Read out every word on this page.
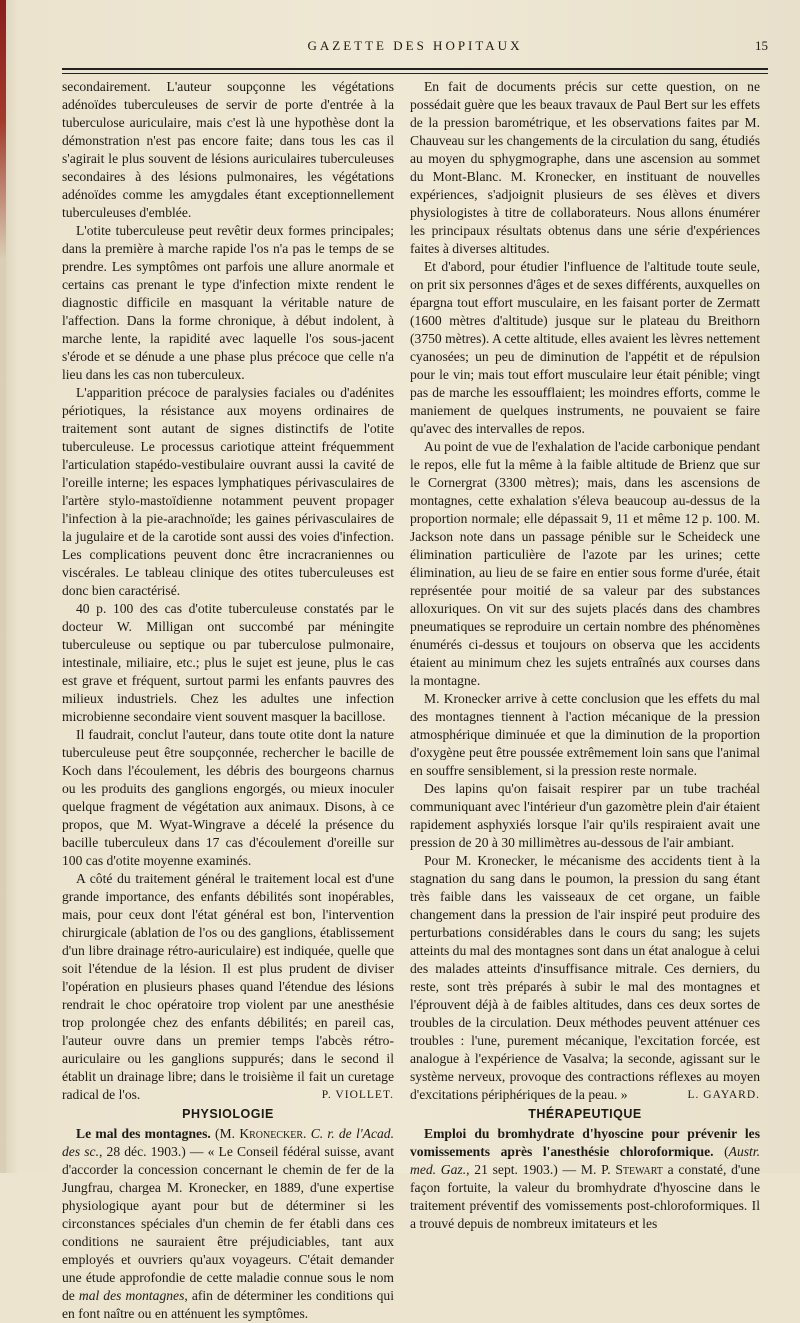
GAZETTE DES HOPITAUX	15

secondairement. L'auteur soupçonne les végétations adénoïdes tuberculeuses de servir de porte d'entrée à la tuberculose auriculaire, mais c'est là une hypothèse dont la démonstration n'est pas encore faite; dans tous les cas il s'agirait le plus souvent de lésions auriculaires tuberculeuses secondaires à des lésions pulmonaires, les végétations adénoïdes comme les amygdales étant exceptionnellement tuberculeuses d'emblée.

L'otite tuberculeuse peut revêtir deux formes principales; dans la première à marche rapide l'os n'a pas le temps de se prendre. Les symptômes ont parfois une allure anormale et certains cas prenant le type d'infection mixte rendent le diagnostic difficile en masquant la véritable nature de l'affection. Dans la forme chronique, à début indolent, à marche lente, la rapidité avec laquelle l'os sous-jacent s'érode et se dénude a une phase plus précoce que celle n'a lieu dans les cas non tuberculeux.

L'apparition précoce de paralysies faciales ou d'adénites périotiques, la résistance aux moyens ordinaires de traitement sont autant de signes distinctifs de l'otite tuberculeuse. Le processus cariotique atteint fréquemment l'articulation stapédo-vestibulaire ouvrant aussi la cavité de l'oreille interne; les espaces lymphatiques périvasculaires de l'artère stylo-mastoïdienne notamment peuvent propager l'infection à la pie-arachnoïde; les gaines périvasculaires de la jugulaire et de la carotide sont aussi des voies d'infection. Les complications peuvent donc être incracraniennes ou viscérales. Le tableau clinique des otites tuberculeuses est donc bien caractérisé.

40 p. 100 des cas d'otite tuberculeuse constatés par le docteur W. Milligan ont succombé par méningite tuberculeuse ou septique ou par tuberculose pulmonaire, intestinale, miliaire, etc.; plus le sujet est jeune, plus le cas est grave et fréquent, surtout parmi les enfants pauvres des milieux industriels. Chez les adultes une infection microbienne secondaire vient souvent masquer la bacillose.

Il faudrait, conclut l'auteur, dans toute otite dont la nature tuberculeuse peut être soupçonnée, rechercher le bacille de Koch dans l'écoulement, les débris des bourgeons charnus ou les produits des ganglions engorgés, ou mieux inoculer quelque fragment de végétation aux animaux. Disons, à ce propos, que M. Wyat-Wingrave a décelé la présence du bacille tuberculeux dans 17 cas d'écoulement d'oreille sur 100 cas d'otite moyenne examinés.

A côté du traitement général le traitement local est d'une grande importance, des enfants débilités sont inopérables, mais, pour ceux dont l'état général est bon, l'intervention chirurgicale (ablation de l'os ou des ganglions, établissement d'un libre drainage rétro-auriculaire) est indiquée, quelle que soit l'étendue de la lésion. Il est plus prudent de diviser l'opération en plusieurs phases quand l'étendue des lésions rendrait le choc opératoire trop violent par une anesthésie trop prolongée chez des enfants débilités; en pareil cas, l'auteur ouvre dans un premier temps l'abcès rétro-auriculaire ou les ganglions suppurés; dans le second il établit un drainage libre; dans le troisième il fait un curetage radical de l'os.	P. VIOLLET.

PHYSIOLOGIE

Le mal des montagnes. (M. Kronecker. C. r. de l'Acad. des sc., 28 déc. 1903.) — « Le Conseil fédéral suisse, avant d'accorder la concession concernant le chemin de fer de la Jungfrau, chargea M. Kronecker, en 1889, d'une expertise physiologique ayant pour but de déterminer si les circonstances spéciales d'un chemin de fer établi dans ces conditions ne sauraient être préjudiciables, tant aux employés et ouvriers qu'aux voyageurs. C'était demander une étude approfondie de cette maladie connue sous le nom de mal des montagnes, afin de déterminer les conditions qui en font naître ou en atténuent les symptômes.

En fait de documents précis sur cette question, on ne possédait guère que les beaux travaux de Paul Bert sur les effets de la pression barométrique, et les observations faites par M. Chauveau sur les changements de la circulation du sang, étudiés au moyen du sphygmographe, dans une ascension au sommet du Mont-Blanc. M. Kronecker, en instituant de nouvelles expériences, s'adjoignit plusieurs de ses élèves et divers physiologistes à titre de collaborateurs. Nous allons énumérer les principaux résultats obtenus dans une série d'expériences faites à diverses altitudes.

Et d'abord, pour étudier l'influence de l'altitude toute seule, on prit six personnes d'âges et de sexes différents, auxquelles on épargna tout effort musculaire, en les faisant porter de Zermatt (1600 mètres d'altitude) jusque sur le plateau du Breithorn (3750 mètres). A cette altitude, elles avaient les lèvres nettement cyanosées; un peu de diminution de l'appétit et de répulsion pour le vin; mais tout effort musculaire leur était pénible; vingt pas de marche les essoufflaient; les moindres efforts, comme le maniement de quelques instruments, ne pouvaient se faire qu'avec des intervalles de repos.

Au point de vue de l'exhalation de l'acide carbonique pendant le repos, elle fut la même à la faible altitude de Brienz que sur le Cornergrat (3300 mètres); mais, dans les ascensions de montagnes, cette exhalation s'éleva beaucoup au-dessus de la proportion normale; elle dépassait 9, 11 et même 12 p. 100. M. Jackson note dans un passage pénible sur le Scheideck une élimination particulière de l'azote par les urines; cette élimination, au lieu de se faire en entier sous forme d'urée, était représentée pour moitié de sa valeur par des substances alloxuriques. On vit sur des sujets placés dans des chambres pneumatiques se reproduire un certain nombre des phénomènes énumérés ci-dessus et toujours on observa que les accidents étaient au minimum chez les sujets entraînés aux courses dans la montagne.

M. Kronecker arrive à cette conclusion que les effets du mal des montagnes tiennent à l'action mécanique de la pression atmosphérique diminuée et que la diminution de la proportion d'oxygène peut être poussée extrêmement loin sans que l'animal en souffre sensiblement, si la pression reste normale.

Des lapins qu'on faisait respirer par un tube trachéal communiquant avec l'intérieur d'un gazomètre plein d'air étaient rapidement asphyxiés lorsque l'air qu'ils respiraient avait une pression de 20 à 30 millimètres au-dessous de l'air ambiant.

Pour M. Kronecker, le mécanisme des accidents tient à la stagnation du sang dans le poumon, la pression du sang étant très faible dans les vaisseaux de cet organe, un faible changement dans la pression de l'air inspiré peut produire des perturbations considérables dans le cours du sang; les sujets atteints du mal des montagnes sont dans un état analogue à celui des malades atteints d'insuffisance mitrale. Ces derniers, du reste, sont très préparés à subir le mal des montagnes et l'éprouvent déjà à de faibles altitudes, dans ces deux sortes de troubles de la circulation. Deux méthodes peuvent atténuer ces troubles : l'une, purement mécanique, l'excitation forcée, est analogue à l'expérience de Vasalva; la seconde, agissant sur le système nerveux, provoque des contractions réflexes au moyen d'excitations périphériques de la peau. »	L. GAYARD.

THÉRAPEUTIQUE

Emploi du bromhydrate d'hyoscine pour prévenir les vomissements après l'anesthésie chloroformique. (Austr. med. Gaz., 21 sept. 1903.) — M. P. Stewart a constaté, d'une façon fortuite, la valeur du bromhydrate d'hyoscine dans le traitement préventif des vomissements post-chloroformiques. Il a trouvé depuis de nombreux imitateurs et les
